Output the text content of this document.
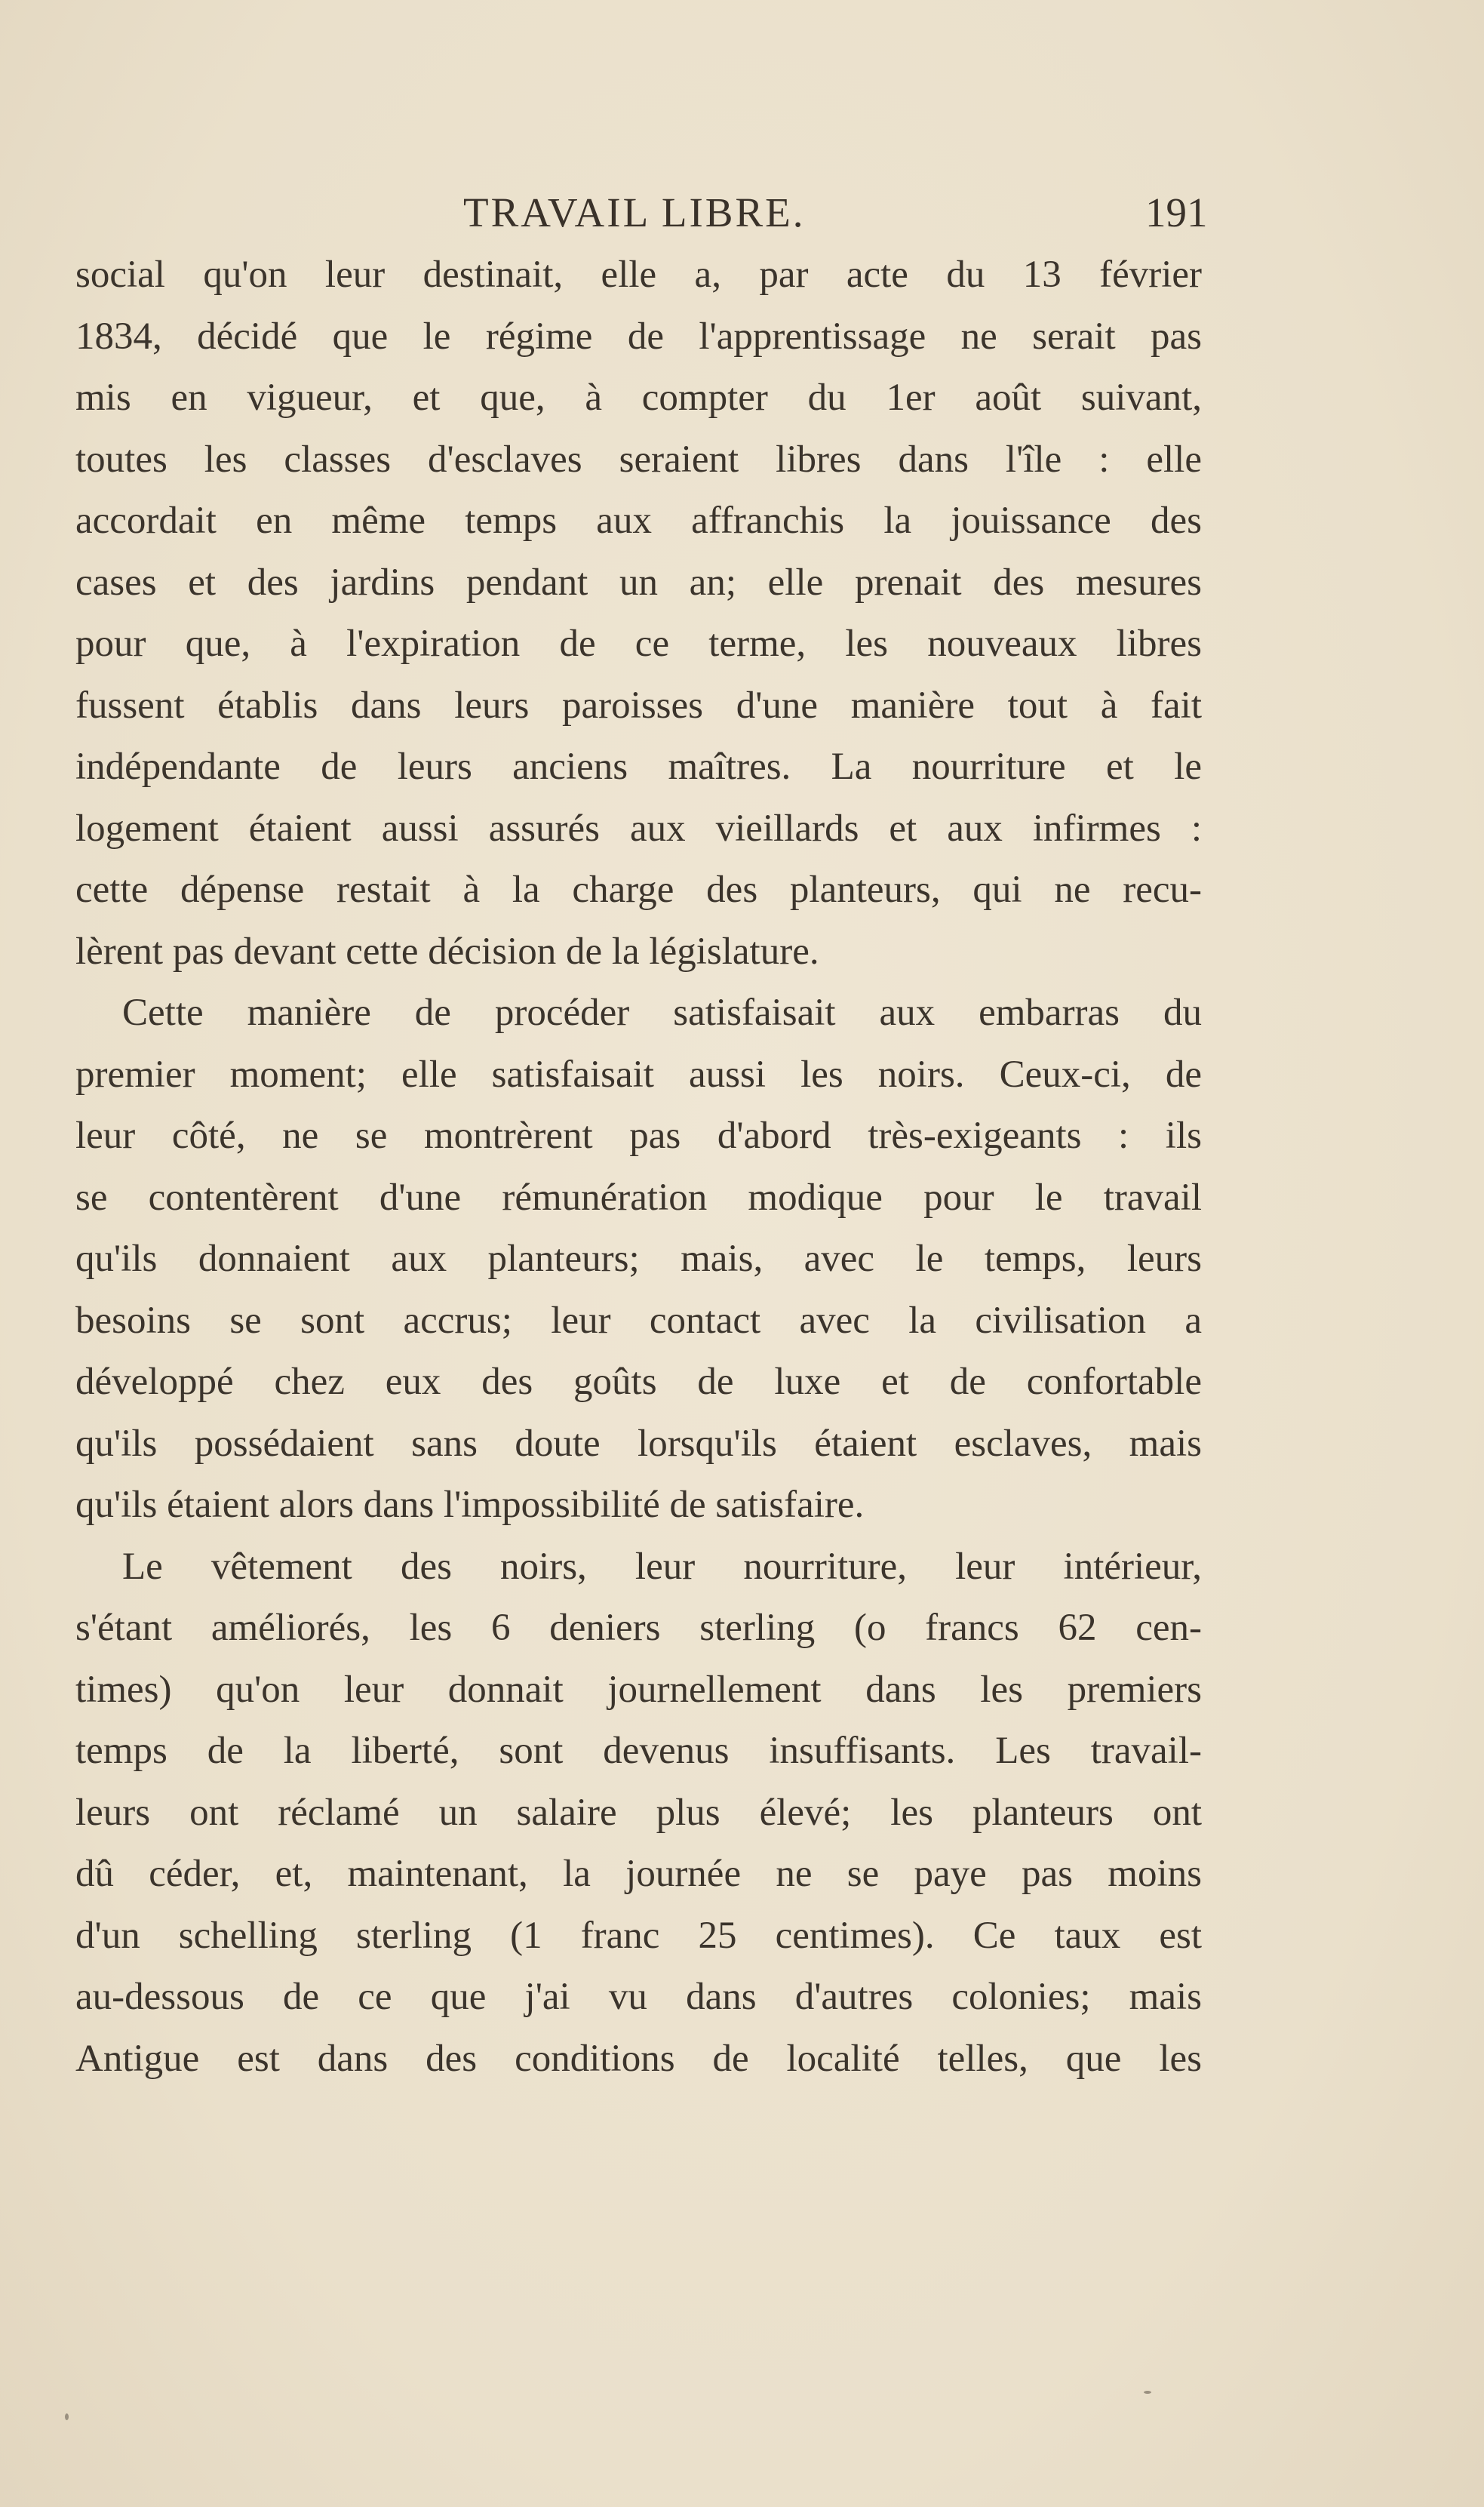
TRAVAIL LIBRE.	191
social qu'on leur destinait, elle a, par acte du 13 février
1834, décidé que le régime de l'apprentissage ne serait pas
mis en vigueur, et que, à compter du 1er août suivant,
toutes les classes d'esclaves seraient libres dans l'île : elle
accordait en même temps aux affranchis la jouissance des
cases et des jardins pendant un an; elle prenait des mesures
pour que, à l'expiration de ce terme, les nouveaux libres
fussent établis dans leurs paroisses d'une manière tout à fait
indépendante de leurs anciens maîtres. La nourriture et le
logement étaient aussi assurés aux vieillards et aux infirmes :
cette dépense restait à la charge des planteurs, qui ne recu-
lèrent pas devant cette décision de la législature.
Cette manière de procéder satisfaisait aux embarras du
premier moment; elle satisfaisait aussi les noirs. Ceux-ci, de
leur côté, ne se montrèrent pas d'abord très-exigeants : ils
se contentèrent d'une rémunération modique pour le travail
qu'ils donnaient aux planteurs; mais, avec le temps, leurs
besoins se sont accrus; leur contact avec la civilisation a
développé chez eux des goûts de luxe et de confortable
qu'ils possédaient sans doute lorsqu'ils étaient esclaves, mais
qu'ils étaient alors dans l'impossibilité de satisfaire.
Le vêtement des noirs, leur nourriture, leur intérieur,
s'étant améliorés, les 6 deniers sterling (o francs 62 cen-
times) qu'on leur donnait journellement dans les premiers
temps de la liberté, sont devenus insuffisants. Les travail-
leurs ont réclamé un salaire plus élevé; les planteurs ont
dû céder, et, maintenant, la journée ne se paye pas moins
d'un schelling sterling (1 franc 25 centimes). Ce taux est
au-dessous de ce que j'ai vu dans d'autres colonies; mais
Antigue est dans des conditions de localité telles, que les
